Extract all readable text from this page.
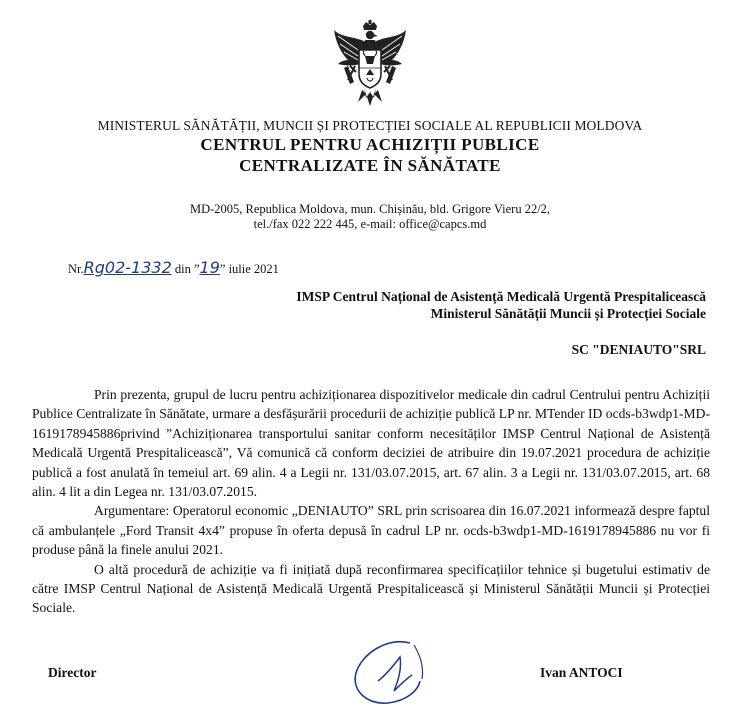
MINISTERUL SĂNĂTĂȚII, MUNCII ȘI PROTECȚIEI SOCIALE AL REPUBLICII MOLDOVA
CENTRUL PENTRU ACHIZIȚII PUBLICE
CENTRALIZATE ÎN SĂNĂTATE
MD-2005, Republica Moldova, mun. Chișinău, bld. Grigore Vieru 22/2,
tel./fax 022 222 445, e-mail: office@capcs.md
Nr.Rg02-1332 din ”19” iulie 2021
IMSP Centrul Național de Asistență Medicală Urgentă Prespitalicească
Ministerul Sănătății Muncii și Protecției Sociale
SC "DENIAUTO"SRL

Prin prezenta, grupul de lucru pentru achiziționarea dispozitivelor medicale din cadrul Centrului pentru Achiziții Publice Centralizate în Sănătate, urmare a desfășurării procedurii de achiziție publică LP nr. MTender ID ocds-b3wdp1-MD-1619178945886privind ”Achiziționarea transportului sanitar conform necesităților IMSP Centrul Național de Asistență Medicală Urgentă Prespitalicească”, Vă comunică că conform deciziei de atribuire din 19.07.2021 procedura de achiziție publică a fost anulată în temeiul art. 69 alin. 4 a Legii nr. 131/03.07.2015, art. 67 alin. 3 a Legii nr. 131/03.07.2015, art. 68 alin. 4 lit a din Legea nr. 131/03.07.2015.

Argumentare: Operatorul economic „DENIAUTO” SRL prin scrisoarea din 16.07.2021 informează despre faptul că ambulanțele „Ford Transit 4x4” propuse în oferta depusă în cadrul LP nr. ocds-b3wdp1-MD-1619178945886 nu vor fi produse până la finele anului 2021.

O altă procedură de achiziție va fi inițiată după reconfirmarea specificațiilor tehnice și bugetului estimativ de către IMSP Centrul Național de Asistență Medicală Urgentă Prespitalicească și Ministerul Sănătății Muncii și Protecției Sociale.

Director	Ivan ANTOCI
